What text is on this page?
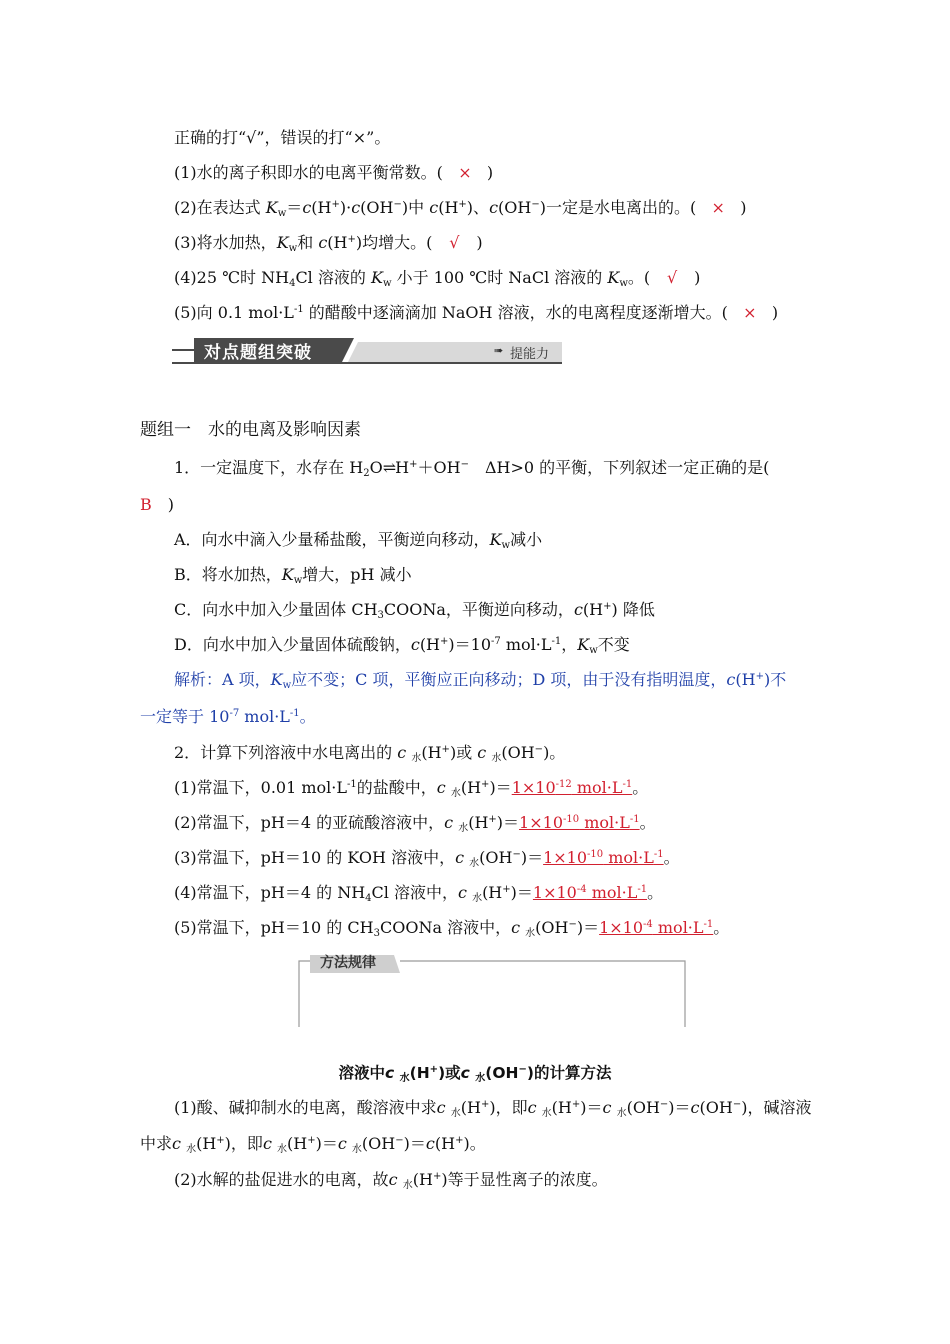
正确的打“√”，错误的打“×”。
(1)水的离子积即水的电离平衡常数。( × )
(2)在表达式 $K_w=c(H^+)\cdot c(OH^-)$中 c(H+)、c(OH−)一定是水电离出的。( × )
(3)将水加热，$K_w$和 c(H+)均增大。( √ )
(4)25 ℃时 $NH_4Cl$ 溶液的 $K_w$ 小于 100 ℃时 NaCl 溶液的 $K_w$。( √ )
(5)向 0.1 $mol\cdot L^{-1}$ 的醋酸中逐滴滴加 NaOH 溶液，水的电离程度逐渐增大。( × )
对点题组突破	➠ 提能力
题组一　水的电离及影响因素
1．一定温度下，水存在 $H_2O\rightleftharpoons H^++OH^-$　ΔH>0 的平衡，下列叙述一定正确的是(
B　 )
A．向水中滴入少量稀盐酸，平衡逆向移动，$K_w$减小
B．将水加热，$K_w$增大，pH 减小
C．向水中加入少量固体 $CH_3COONa$，平衡逆向移动，c(H+) 降低
D．向水中加入少量固体硫酸钠，$c(H^+)=10^{-7}$ $mol\cdot L^{-1}$，$K_w$不变
解析：A 项，$K_w$应不变；C 项，平衡应正向移动；D 项，由于没有指明温度，c(H+)不
一定等于 $10^{-7}$ $mol\cdot L^{-1}$。
2．计算下列溶液中水电离出的 c $_水$(H+)或 c $_水$(OH−)。
(1)常温下，0.01 $mol\cdot L^{-1}$的盐酸中，c $_水(H^+)=1\times 10^{-12}$ $mol\cdot L^{-1}$。
(2)常温下，pH＝4 的亚硫酸溶液中，c $_水(H^+)=1\times 10^{-10}$ $mol\cdot L^{-1}$。
(3)常温下，pH＝10 的 KOH 溶液中，c $_水(OH^-)=1\times 10^{-10}$ $mol\cdot L^{-1}$。
(4)常温下，pH＝4 的 $NH_4Cl$ 溶液中，c $_水(H^+)=1\times 10^{-4}$ $mol\cdot L^{-1}$。
(5)常温下，pH＝10 的 $CH_3COONa$ 溶液中，c $_水(OH^-)=1\times 10^{-4}$ $mol\cdot L^{-1}$。
方法规律
溶液中c $_水$(H+)或c $_水$(OH−)的计算方法
(1)酸、碱抑制水的电离，酸溶液中求c $_水$(H+)，即c $_水$(H+)＝c $_水$(OH−)＝c(OH−)，碱溶液
中求c $_水$(H+)，即c $_水$(H+)＝c $_水$(OH−)＝c(H+)。
(2)水解的盐促进水的电离，故c $_水$(H+)等于显性离子的浓度。
